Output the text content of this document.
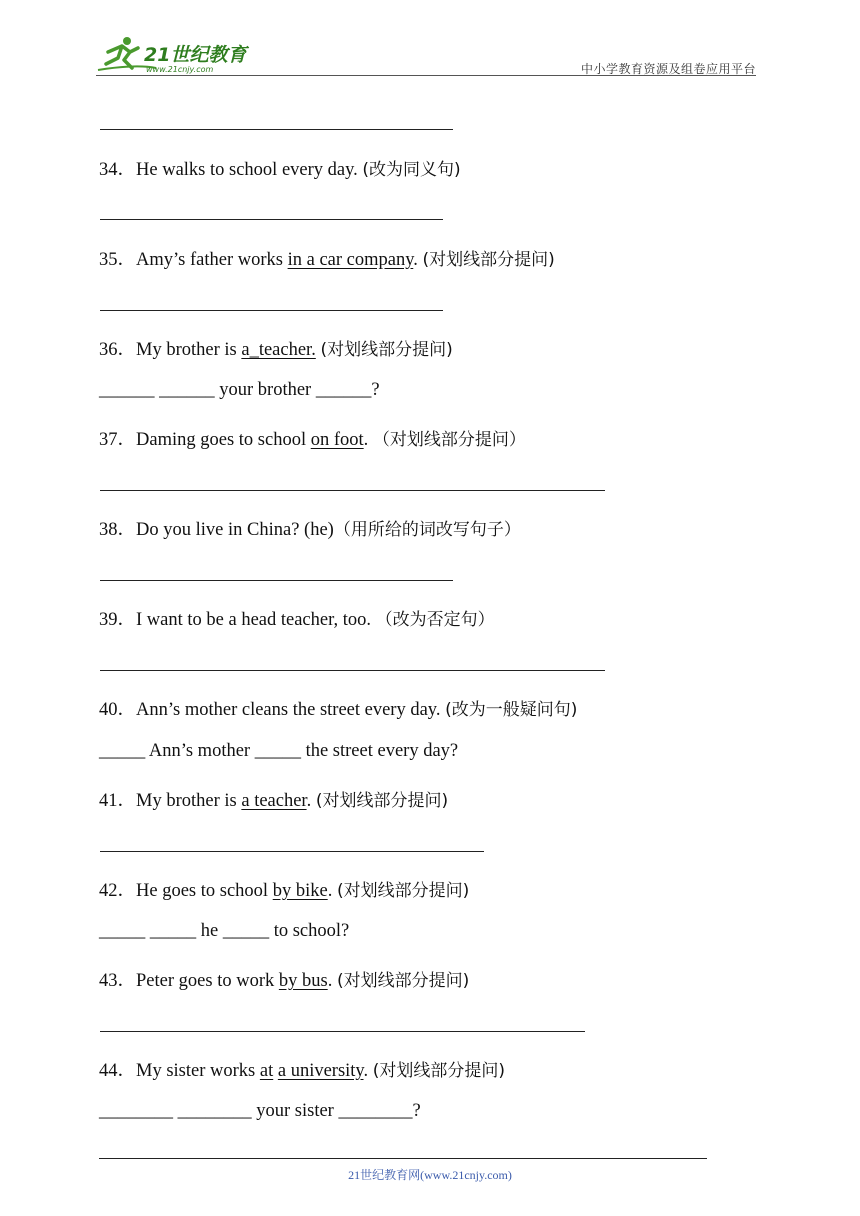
21世纪教育
www.21cnjy.com	中小学教育资源及组卷应用平台
34．He walks to school every day. (改为同义句)
35．Amy’s father works in a car company. (对划线部分提问)
36．My brother is a_teacher. (对划线部分提问)
______ ______ your brother ______?
37．Daming goes to school on foot. （对划线部分提问）
38．Do you live in China? (he)（用所给的词改写句子）
39．I want to be a head teacher, too. （改为否定句）
40．Ann’s mother cleans the street every day. (改为一般疑问句)
_____ Ann’s mother _____ the street every day?
41．My brother is a teacher. (对划线部分提问)
42．He goes to school by bike. (对划线部分提问)
_____ _____ he _____ to school?
43．Peter goes to work by bus. (对划线部分提问)
44．My sister works at a university. (对划线部分提问)
________ ________ your sister ________?
21世纪教育网(www.21cnjy.com)
